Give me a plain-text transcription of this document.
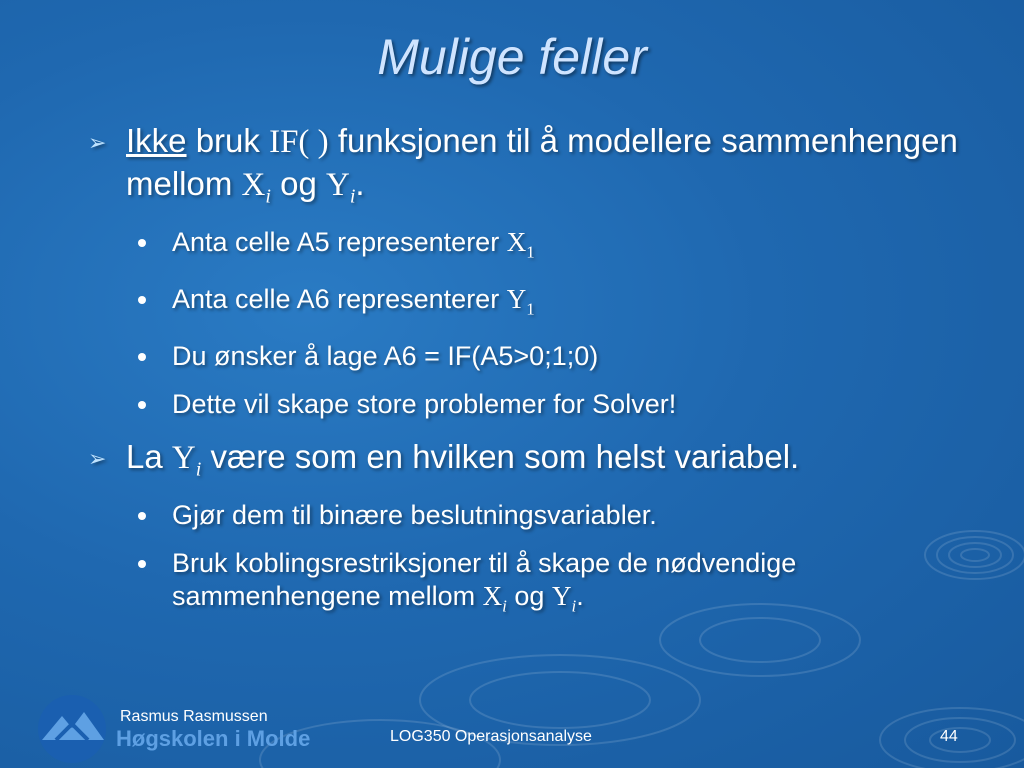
Mulige feller
➢ Ikke bruk IF( ) funksjonen til å modellere sammenhengen mellom $X_i$ og $Y_i$.
Anta celle A5 representerer $X_1$
Anta celle A6 representerer $Y_1$
Du ønsker å lage A6 = IF(A5>0;1;0)
Dette vil skape store problemer for Solver!
➢ La $Y_i$ være som en hvilken som helst variabel.
Gjør dem til binære beslutningsvariabler.
Bruk koblingsrestriksjoner til å skape de nødvendige sammenhengene mellom $X_i$ og $Y_i$.
Høgskolen i Molde
Rasmus Rasmussen
LOG350 Operasjonsanalyse	44
